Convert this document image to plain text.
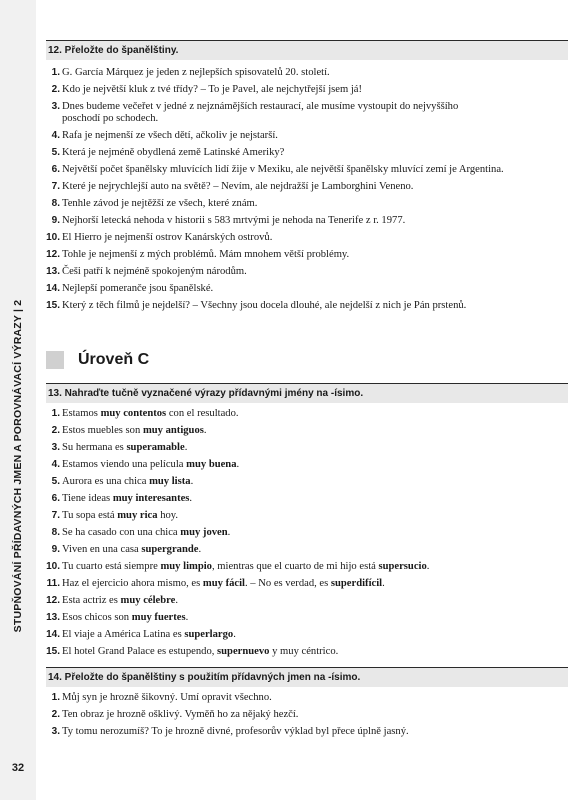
STUPŇOVÁNÍ PŘÍDAVNÝCH JMEN A POROVNÁVACÍ VÝRAZY | 2
32
12. Přeložte do španělštiny.
1. G. García Márquez je jeden z nejlepších spisovatelů 20. století.
2. Kdo je největší kluk z tvé třídy? – To je Pavel, ale nejchytřejší jsem já!
3. Dnes budeme večeřet v jedné z nejznámějších restaurací, ale musíme vystoupit do nejvyššího poschodí po schodech.
4. Rafa je nejmenší ze všech dětí, ačkoliv je nejstarší.
5. Která je nejméně obydlená země Latinské Ameriky?
6. Největší počet španělsky mluvících lidí žije v Mexiku, ale největší španělsky mluvící zemí je Argentina.
7. Které je nejrychlejší auto na světě? – Nevím, ale nejdražší je Lamborghini Veneno.
8. Tenhle závod je nejtěžší ze všech, které znám.
9. Nejhorší letecká nehoda v historii s 583 mrtvými je nehoda na Tenerife z r. 1977.
10. El Hierro je nejmenší ostrov Kanárských ostrovů.
12. Tohle je nejmenší z mých problémů. Mám mnohem větší problémy.
13. Češi patří k nejméně spokojeným národům.
14. Nejlepší pomeranče jsou španělské.
15. Který z těch filmů je nejdelší? – Všechny jsou docela dlouhé, ale nejdelší z nich je Pán prstenů.
Úroveň C
13. Nahraďte tučně vyznačené výrazy přídavnými jmény na -ísimo.
1. Estamos muy contentos con el resultado.
2. Estos muebles son muy antiguos.
3. Su hermana es superamable.
4. Estamos viendo una película muy buena.
5. Aurora es una chica muy lista.
6. Tiene ideas muy interesantes.
7. Tu sopa está muy rica hoy.
8. Se ha casado con una chica muy joven.
9. Viven en una casa supergrande.
10. Tu cuarto está siempre muy limpio, mientras que el cuarto de mi hijo está supersucio.
11. Haz el ejercicio ahora mismo, es muy fácil. – No es verdad, es superdifícil.
12. Esta actriz es muy célebre.
13. Esos chicos son muy fuertes.
14. El viaje a América Latina es superlargo.
15. El hotel Grand Palace es estupendo, supernuevo y muy céntrico.
14. Přeložte do španělštiny s použitím přídavných jmen na -ísimo.
1. Můj syn je hrozně šikovný. Umí opravit všechno.
2. Ten obraz je hrozně ošklivý. Vyměň ho za nějaký hezčí.
3. Ty tomu nerozumíš? To je hrozně divné, profesorův výklad byl přece úplně jasný.
